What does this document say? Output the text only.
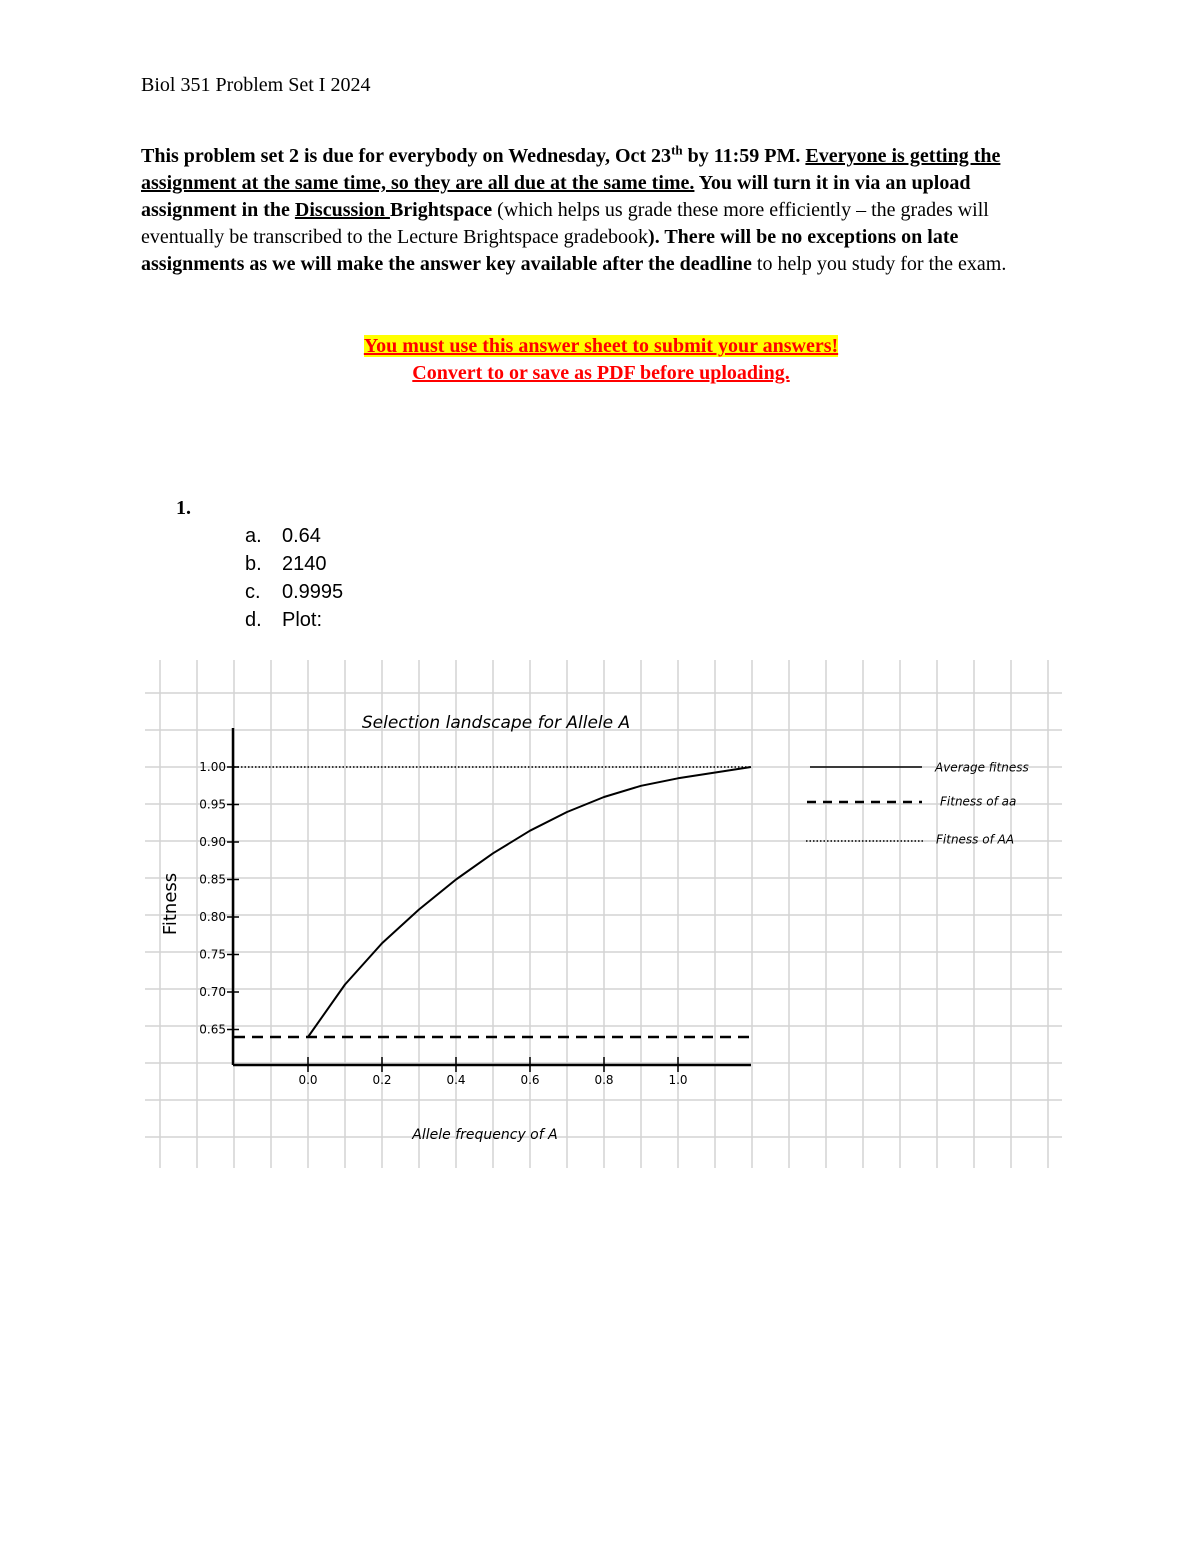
Biol 351 Problem Set I 2024

This problem set 2 is due for everybody on Wednesday, Oct 23th by 11:59 PM. Everyone is getting the assignment at the same time, so they are all due at the same time. You will turn it in via an upload assignment in the Discussion Brightspace (which helps us grade these more efficiently – the grades will eventually be transcribed to the Lecture Brightspace gradebook). There will be no exceptions on late assignments as we will make the answer key available after the deadline to help you study for the exam.

You must use this answer sheet to submit your answers!
Convert to or save as PDF before uploading.
1.
a.	0.64
b.	2140
c.	0.9995
d.	Plot:
Selection landscape for Allele A
1.00
0.95
0.90
0.85
0.80
0.75
0.70
0.65
0.0	0.2	0.4	0.6	0.8	1.0
Fitness
Allele frequency of A
Average fitness
Fitness of aa
Fitness of AA
